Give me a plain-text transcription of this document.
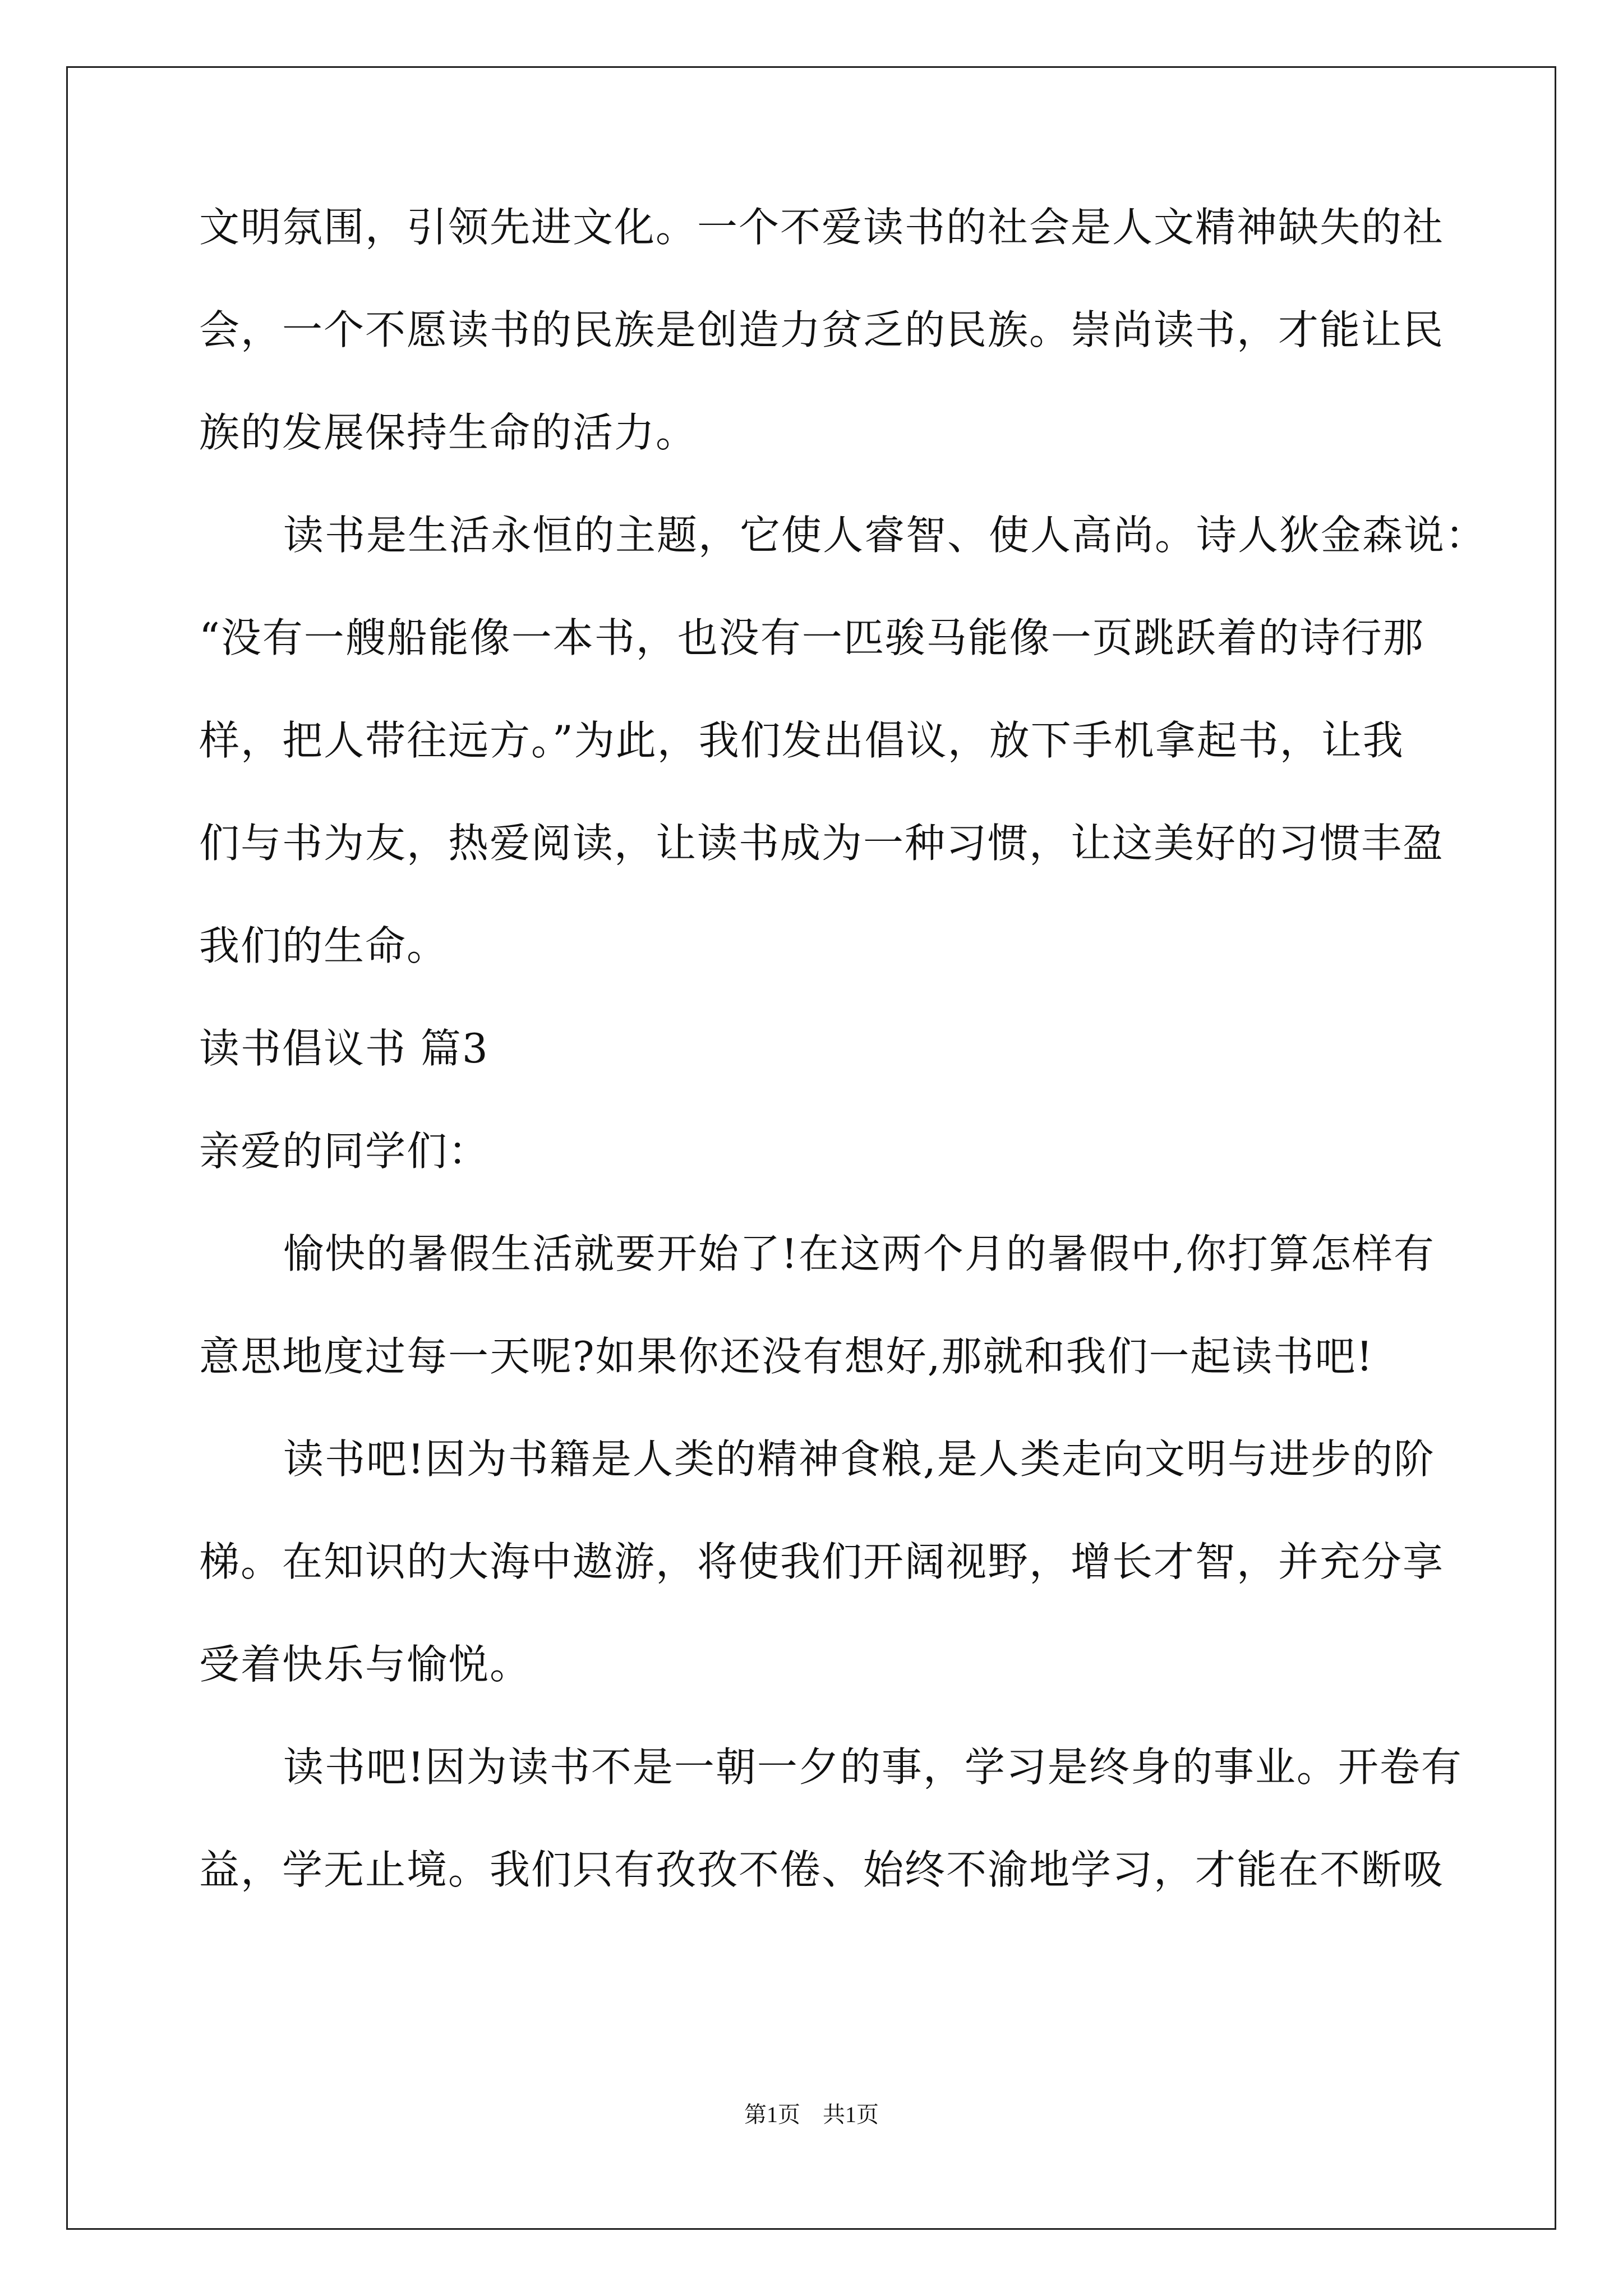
文明氛围，引领先进文化。一个不爱读书的社会是人文精神缺失的社
会，一个不愿读书的民族是创造力贫乏的民族。崇尚读书，才能让民
族的发展保持生命的活力。
读书是生活永恒的主题，它使人睿智、使人高尚。诗人狄金森说：
“没有一艘船能像一本书，也没有一匹骏马能像一页跳跃着的诗行那
样，把人带往远方。”为此，我们发出倡议，放下手机拿起书，让我
们与书为友，热爱阅读，让读书成为一种习惯，让这美好的习惯丰盈
我们的生命。
读书倡议书 篇3
亲爱的同学们：
愉快的暑假生活就要开始了!在这两个月的暑假中,你打算怎样有
意思地度过每一天呢?如果你还没有想好,那就和我们一起读书吧!
读书吧!因为书籍是人类的精神食粮,是人类走向文明与进步的阶
梯。在知识的大海中遨游，将使我们开阔视野，增长才智，并充分享
受着快乐与愉悦。
读书吧!因为读书不是一朝一夕的事，学习是终身的事业。开卷有
益，学无止境。我们只有孜孜不倦、始终不渝地学习，才能在不断吸
第1页　共1页
